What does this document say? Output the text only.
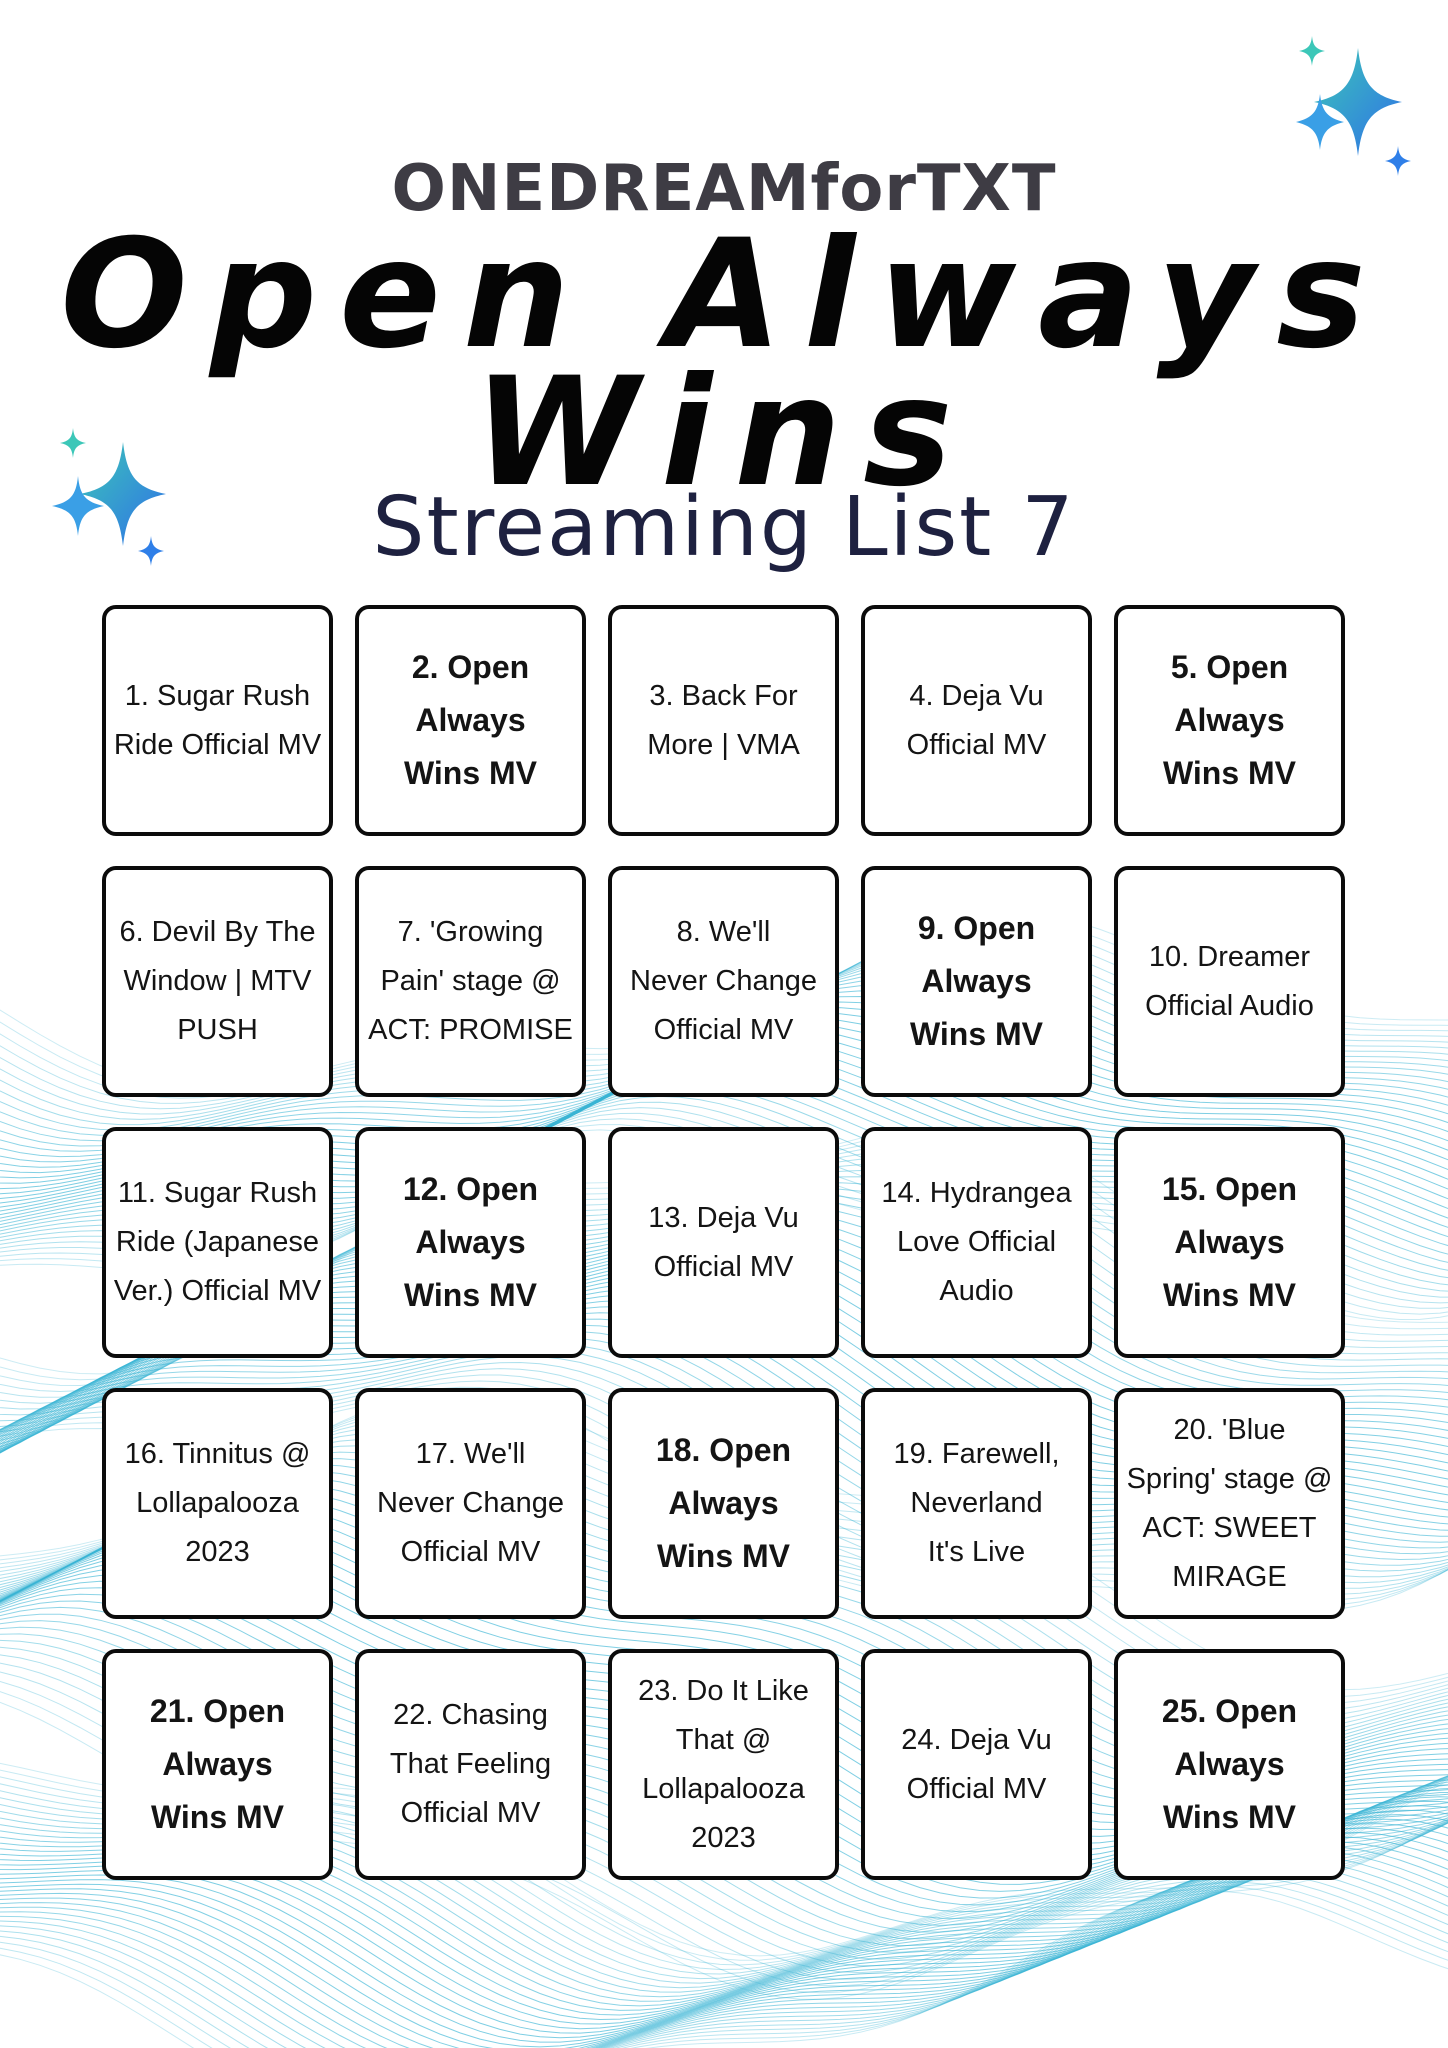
ONEDREAMforTXT
Open Always
Wins
Streaming List 7
1. Sugar Rush
Ride Official MV
2. Open
Always
Wins MV
3. Back For
More | VMA
4. Deja Vu
Official MV
5. Open
Always
Wins MV
6. Devil By The
Window | MTV
PUSH
7. 'Growing
Pain' stage @
ACT: PROMISE
8. We'll
Never Change
Official MV
9. Open
Always
Wins MV
10. Dreamer
Official Audio
11. Sugar Rush
Ride (Japanese
Ver.) Official MV
12. Open
Always
Wins MV
13. Deja Vu
Official MV
14. Hydrangea
Love Official
Audio
15. Open
Always
Wins MV
16. Tinnitus @
Lollapalooza
2023
17. We'll
Never Change
Official MV
18. Open
Always
Wins MV
19. Farewell,
Neverland
It's Live
20. 'Blue
Spring' stage @
ACT: SWEET
MIRAGE
21. Open
Always
Wins MV
22. Chasing
That Feeling
Official MV
23. Do It Like
That @
Lollapalooza
2023
24. Deja Vu
Official MV
25. Open
Always
Wins MV
